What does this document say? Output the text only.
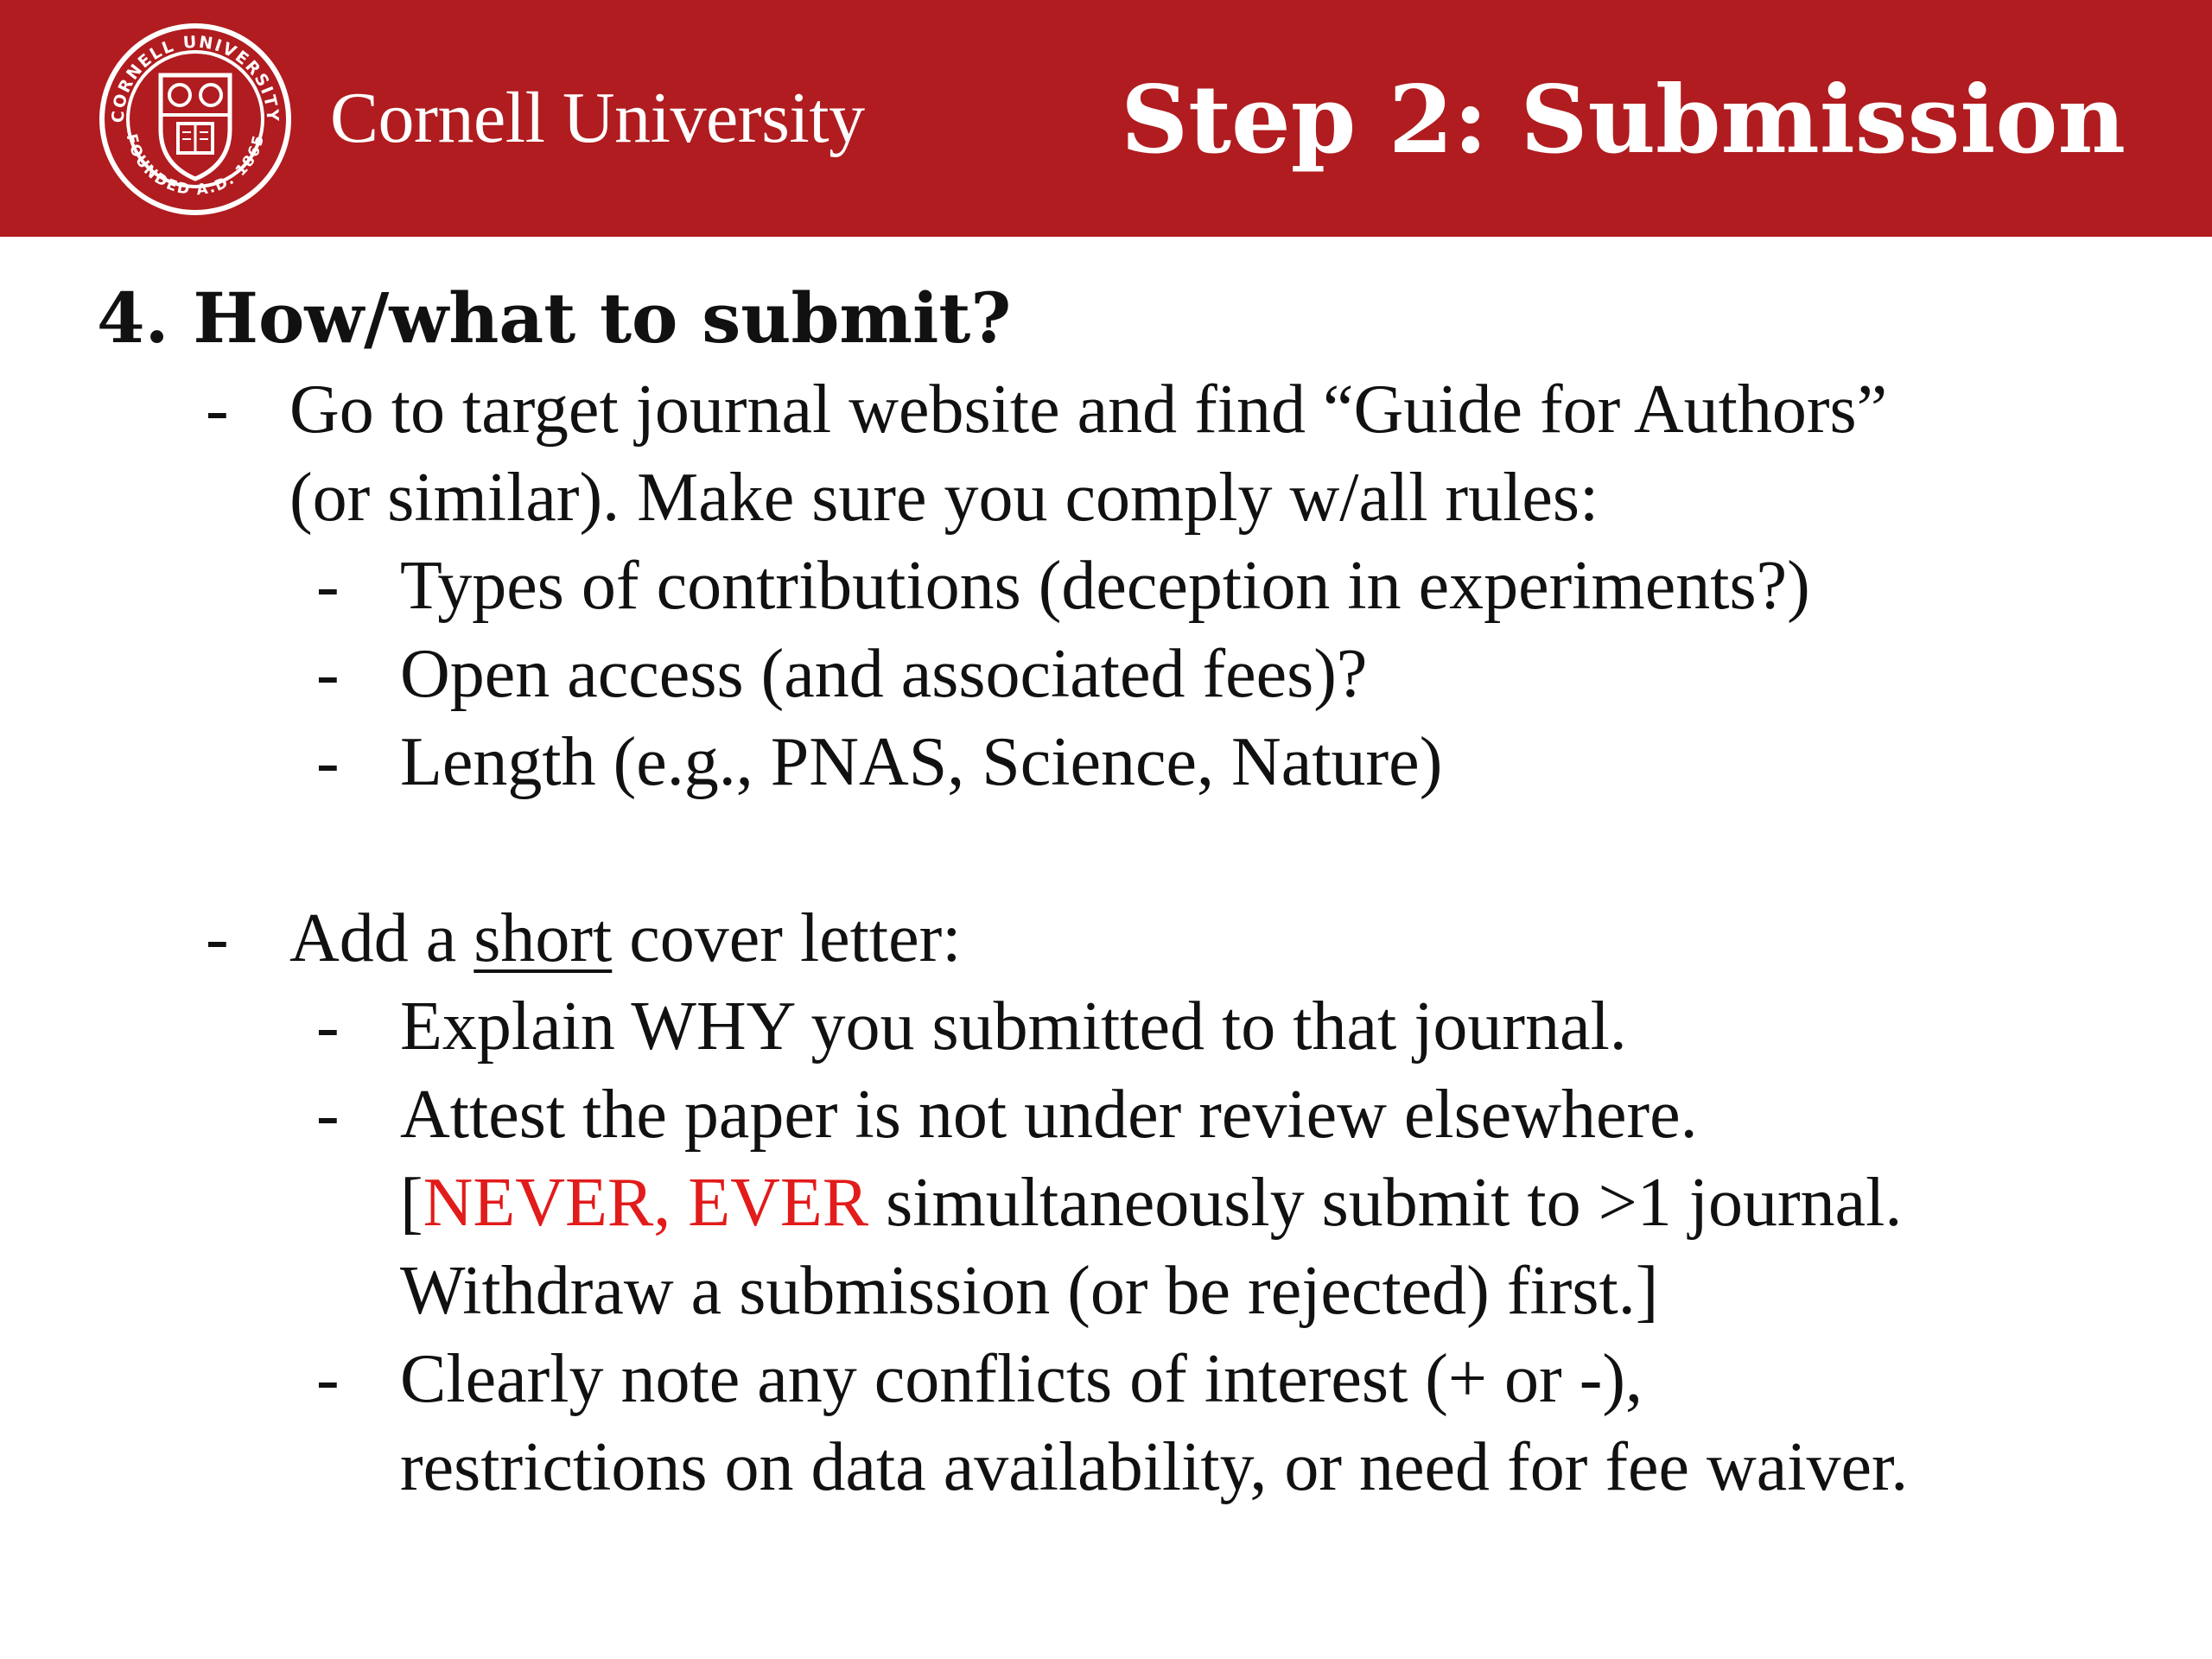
CORNELL UNIVERSITY
FOUNDED A.D. 1865 Cornell University	Step 2: Submission
4. How/what to submit?
- Go to target journal website and find “Guide for Authors”
(or similar). Make sure you comply w/all rules:
- Types of contributions (deception in experiments?)
- Open access (and associated fees)?
- Length (e.g., PNAS, Science, Nature)
- Add a short cover letter:
- Explain WHY you submitted to that journal.
- Attest the paper is not under review elsewhere.
[NEVER, EVER simultaneously submit to >1 journal.
Withdraw a submission (or be rejected) first.]
- Clearly note any conflicts of interest (+ or -),
restrictions on data availability, or need for fee waiver.
